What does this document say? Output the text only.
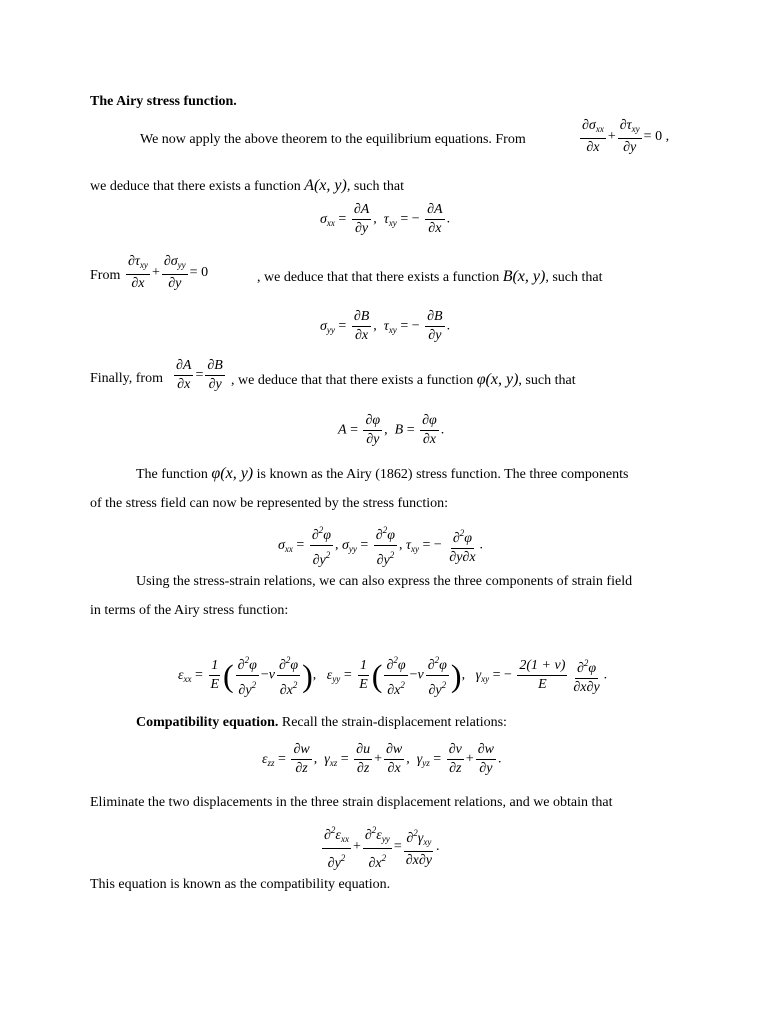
The Airy stress function.
We now apply the above theorem to the equilibrium equations. From	$\frac{\partial\sigma_{xx}}{\partial x} + \frac{\partial\tau_{xy}}{\partial y} = 0$ ,
we deduce that there exists a function A(x, y), such that
$\sigma_{xx} = \frac{\partial A}{\partial y}$ ,  $\tau_{xy}$ = − $\frac{\partial A}{\partial x}$ .
From $\frac{\partial\tau_{xy}}{\partial x} + \frac{\partial\sigma_{yy}}{\partial y} = 0$	, we deduce that that there exists a function B(x, y), such that
$\sigma_{yy} = \frac{\partial B}{\partial x}$ ,  $\tau_{xy}$ = − $\frac{\partial B}{\partial y}$ .
Finally, from $\frac{\partial A}{\partial x} = \frac{\partial B}{\partial y}$ , we deduce that that there exists a function φ(x, y), such that
$A = \frac{\partial\varphi}{\partial y}$ ,  $B = \frac{\partial\varphi}{\partial x}$ .
The function φ(x, y) is known as the Airy (1862) stress function. The three components
of the stress field can now be represented by the stress function:
$\sigma_{xx} = \frac{\partial^2\varphi}{\partial y^2}$ , $\sigma_{yy} = \frac{\partial^2\varphi}{\partial y^2}$ , $\tau_{xy}$ = − $\frac{\partial^2\varphi}{\partial y\partial x}$ .
Using the stress-strain relations, we can also express the three components of strain field
in terms of the Airy stress function:
$\varepsilon_{xx} = \frac{1}{E}$ ( $\frac{\partial^2\varphi}{\partial y^2} -\nu \frac{\partial^2\varphi}{\partial x^2}$ ),   $\varepsilon_{yy} = \frac{1}{E}$ ( $\frac{\partial^2\varphi}{\partial x^2} -\nu \frac{\partial^2\varphi}{\partial y^2}$ ),   $\gamma_{xy}$ = − $\frac{2(1 + \nu)}{E} \frac{\partial^2\varphi}{\partial x\partial y}$ .
Compatibility equation. Recall the strain-displacement relations:
$\varepsilon_{zz} = \frac{\partial w}{\partial z}$ ,  $\gamma_{xz} = \frac{\partial u}{\partial z} + \frac{\partial w}{\partial x}$ ,  $\gamma_{yz} = \frac{\partial v}{\partial z} + \frac{\partial w}{\partial y}$ .
Eliminate the two displacements in the three strain displacement relations, and we obtain that
$\frac{\partial^2\varepsilon_{xx}}{\partial y^2} + \frac{\partial^2\varepsilon_{yy}}{\partial x^2} = \frac{\partial^2\gamma_{xy}}{\partial x\partial y}$ .
This equation is known as the compatibility equation.
